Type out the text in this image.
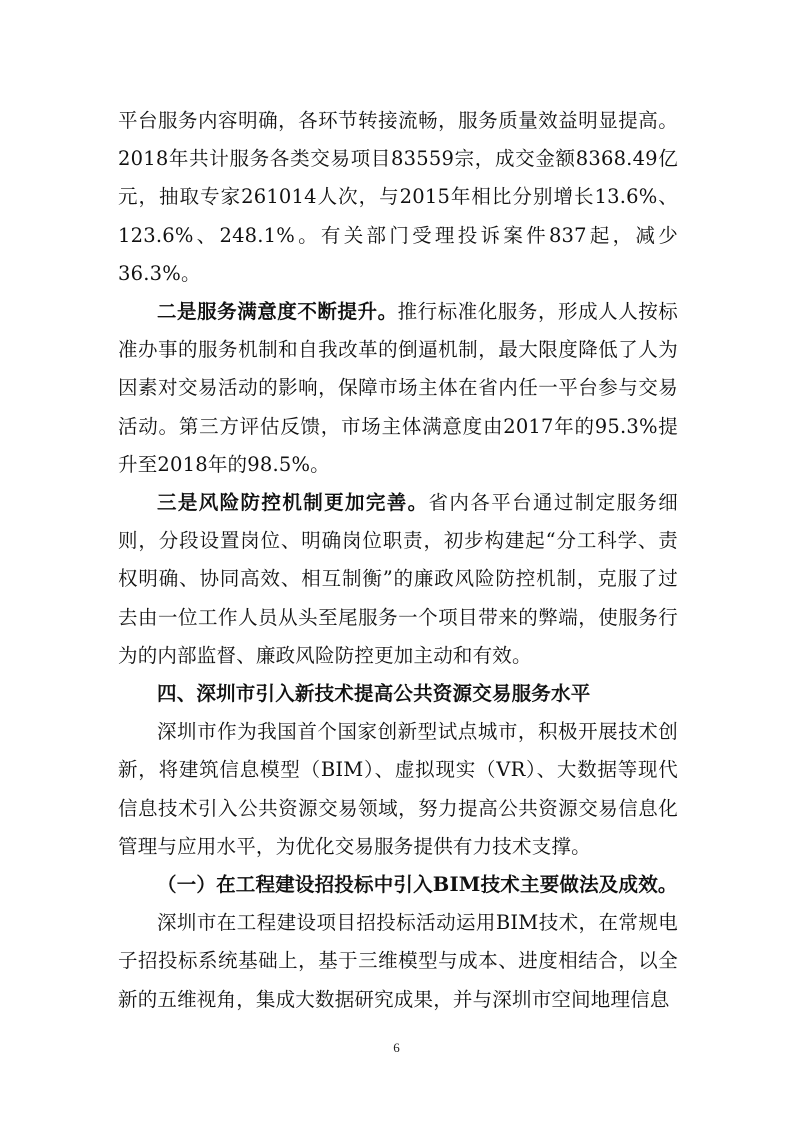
平台服务内容明确，各环节转接流畅，服务质量效益明显提高。2018年共计服务各类交易项目83559宗，成交金额8368.49亿元，抽取专家261014人次，与2015年相比分别增长13.6%、123.6%、248.1%。有关部门受理投诉案件837起，减少36.3%。

二是服务满意度不断提升。推行标准化服务，形成人人按标准办事的服务机制和自我改革的倒逼机制，最大限度降低了人为因素对交易活动的影响，保障市场主体在省内任一平台参与交易活动。第三方评估反馈，市场主体满意度由2017年的95.3%提升至2018年的98.5%。

三是风险防控机制更加完善。省内各平台通过制定服务细则，分段设置岗位、明确岗位职责，初步构建起“分工科学、责权明确、协同高效、相互制衡”的廉政风险防控机制，克服了过去由一位工作人员从头至尾服务一个项目带来的弊端，使服务行为的内部监督、廉政风险防控更加主动和有效。

四、深圳市引入新技术提高公共资源交易服务水平

深圳市作为我国首个国家创新型试点城市，积极开展技术创新，将建筑信息模型（BIM）、虚拟现实（VR）、大数据等现代信息技术引入公共资源交易领域，努力提高公共资源交易信息化管理与应用水平，为优化交易服务提供有力技术支撑。

（一）在工程建设招投标中引入BIM技术主要做法及成效。

深圳市在工程建设项目招投标活动运用BIM技术，在常规电子招投标系统基础上，基于三维模型与成本、进度相结合，以全新的五维视角，集成大数据研究成果，并与深圳市空间地理信息

6
